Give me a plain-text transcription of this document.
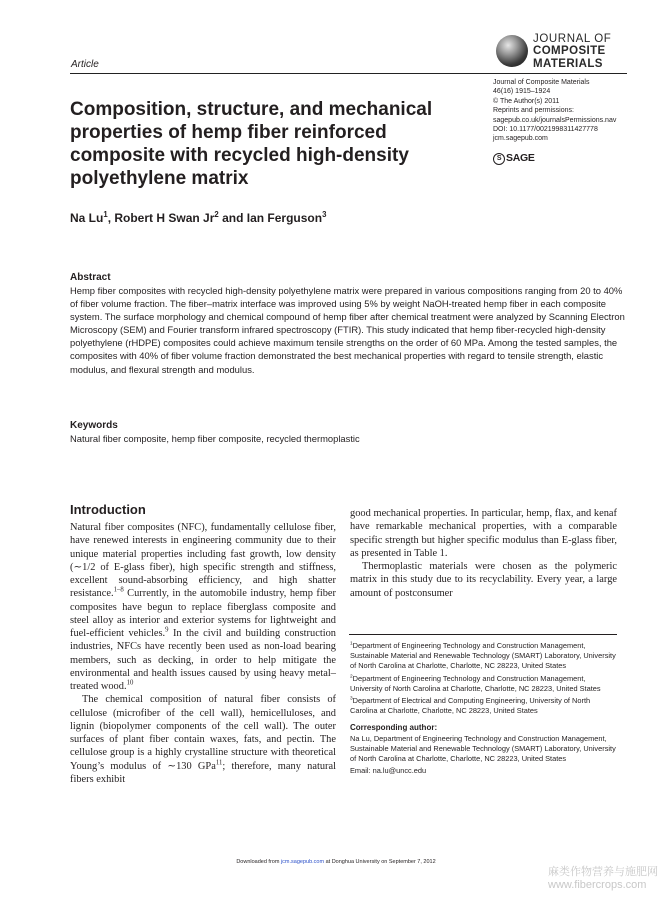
Article
JOURNAL OF
COMPOSITE
MATERIALS
Journal of Composite Materials
46(16) 1915–1924
© The Author(s) 2011
Reprints and permissions:
sagepub.co.uk/journalsPermissions.nav
DOI: 10.1177/0021998311427778
jcm.sagepub.com
S SAGE
Composition, structure, and mechanical properties of hemp fiber reinforced composite with recycled high-density polyethylene matrix
Na Lu$^1$, Robert H Swan Jr$^2$ and Ian Ferguson$^3$
Abstract
Hemp fiber composites with recycled high-density polyethylene matrix were prepared in various compositions ranging from 20 to 40% of fiber volume fraction. The fiber–matrix interface was improved using 5% by weight NaOH-treated hemp fiber in each composite system. The surface morphology and chemical compound of hemp fiber after chemical treatment were analyzed by Scanning Electron Microscopy (SEM) and Fourier transform infrared spectroscopy (FTIR). This study indicated that hemp fiber-recycled high-density polyethylene (rHDPE) composites could achieve maximum tensile strengths on the order of 60 MPa. Among the tested samples, the composites with 40% of fiber volume fraction demonstrated the best mechanical properties with regard to tensile strength, elastic modulus, and flexural strength and modulus.
Keywords
Natural fiber composite, hemp fiber composite, recycled thermoplastic
Introduction

Natural fiber composites (NFC), fundamentally cellulose fiber, have renewed interests in engineering community due to their unique material properties including fast growth, low density (∼1/2 of E-glass fiber), high specific strength and stiffness, excellent sound-absorbing efficiency, and high shatter resistance.$^{1-8}$ Currently, in the automobile industry, hemp fiber composites have begun to replace fiberglass composite and steel alloy as interior and exterior systems for lightweight and fuel-efficient vehicles.$^9$ In the civil and building construction industries, NFCs have recently been used as non-load bearing members, such as decking, in order to help mitigate the environmental and health issues caused by using heavy metal–treated wood.$^{10}$

The chemical composition of natural fiber consists of cellulose (microfiber of the cell wall), hemicelluloses, and lignin (biopolymer components of the cell wall). The outer surfaces of plant fiber contain waxes, fats, and pectin. The cellulose group is a highly crystalline structure with theoretical Young’s modulus of ∼130 GPa$^{11}$; therefore, many natural fibers exhibit

good mechanical properties. In particular, hemp, flax, and kenaf have remarkable mechanical properties, with a comparable specific strength but higher specific modulus than E-glass fiber, as presented in Table 1.

Thermoplastic materials were chosen as the polymeric matrix in this study due to its recyclability. Every year, a large amount of postconsumer

$^1$Department of Engineering Technology and Construction Management, Sustainable Material and Renewable Technology (SMART) Laboratory, University of North Carolina at Charlotte, Charlotte, NC 28223, United States

$^2$Department of Engineering Technology and Construction Management, University of North Carolina at Charlotte, Charlotte, NC 28223, United States

$^3$Department of Electrical and Computing Engineering, University of North Carolina at Charlotte, Charlotte, NC 28223, United States

Corresponding author:

Na Lu, Department of Engineering Technology and Construction Management, Sustainable Material and Renewable Technology (SMART) Laboratory, University of North Carolina at Charlotte, Charlotte, NC 28223, United States

Email: na.lu@uncc.edu

Downloaded from jcm.sagepub.com at Donghua University on September 7, 2012
麻类作物营养与施肥网
www.fibercrops.com
